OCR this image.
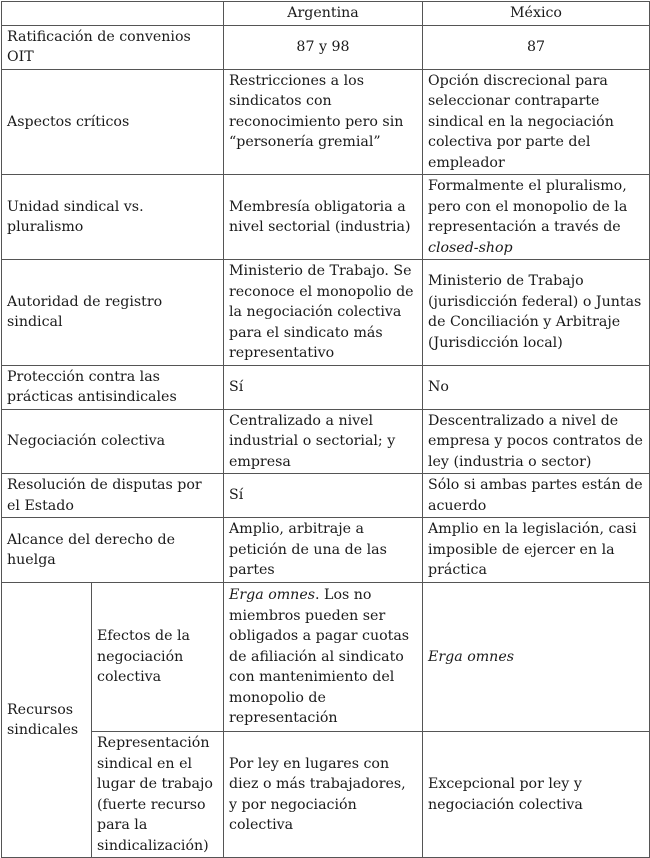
		Argentina	México
Ratificación de convenios OIT		87 y 98	87
Aspectos críticos		Restricciones a los sindicatos con reconocimiento pero sin “personería gremial”	Opción discrecional para seleccionar contraparte sindical en la negociación colectiva por parte del empleador
Unidad sindical vs. pluralismo		Membresía obligatoria a nivel sectorial (industria)	Formalmente el pluralismo, pero con el monopolio de la representación a través de closed-shop
Autoridad de registro sindical		Ministerio de Trabajo. Se reconoce el monopolio de la negociación colectiva para el sindicato más representativo	Ministerio de Trabajo (jurisdicción federal) o Juntas de Conciliación y Arbitraje (Jurisdicción local)
Protección contra las prácticas antisindicales		Sí	No
Negociación colectiva		Centralizado a nivel industrial o sectorial; y empresa	Descentralizado a nivel de empresa y pocos contratos de ley (industria o sector)
Resolución de disputas por el Estado		Sí	Sólo si ambas partes están de acuerdo
Alcance del derecho de huelga		Amplio, arbitraje a petición de una de las partes	Amplio en la legislación, casi imposible de ejercer en la práctica
Recursos sindicales	Efectos de la negociación colectiva	Erga omnes. Los no miembros pueden ser obligados a pagar cuotas de afiliación al sindicato con mantenimiento del monopolio de representación	Erga omnes
	Representación sindical en el lugar de trabajo (fuerte recurso para la sindicalización)	Por ley en lugares con diez o más trabajadores, y por negociación colectiva	Excepcional por ley y negociación colectiva
